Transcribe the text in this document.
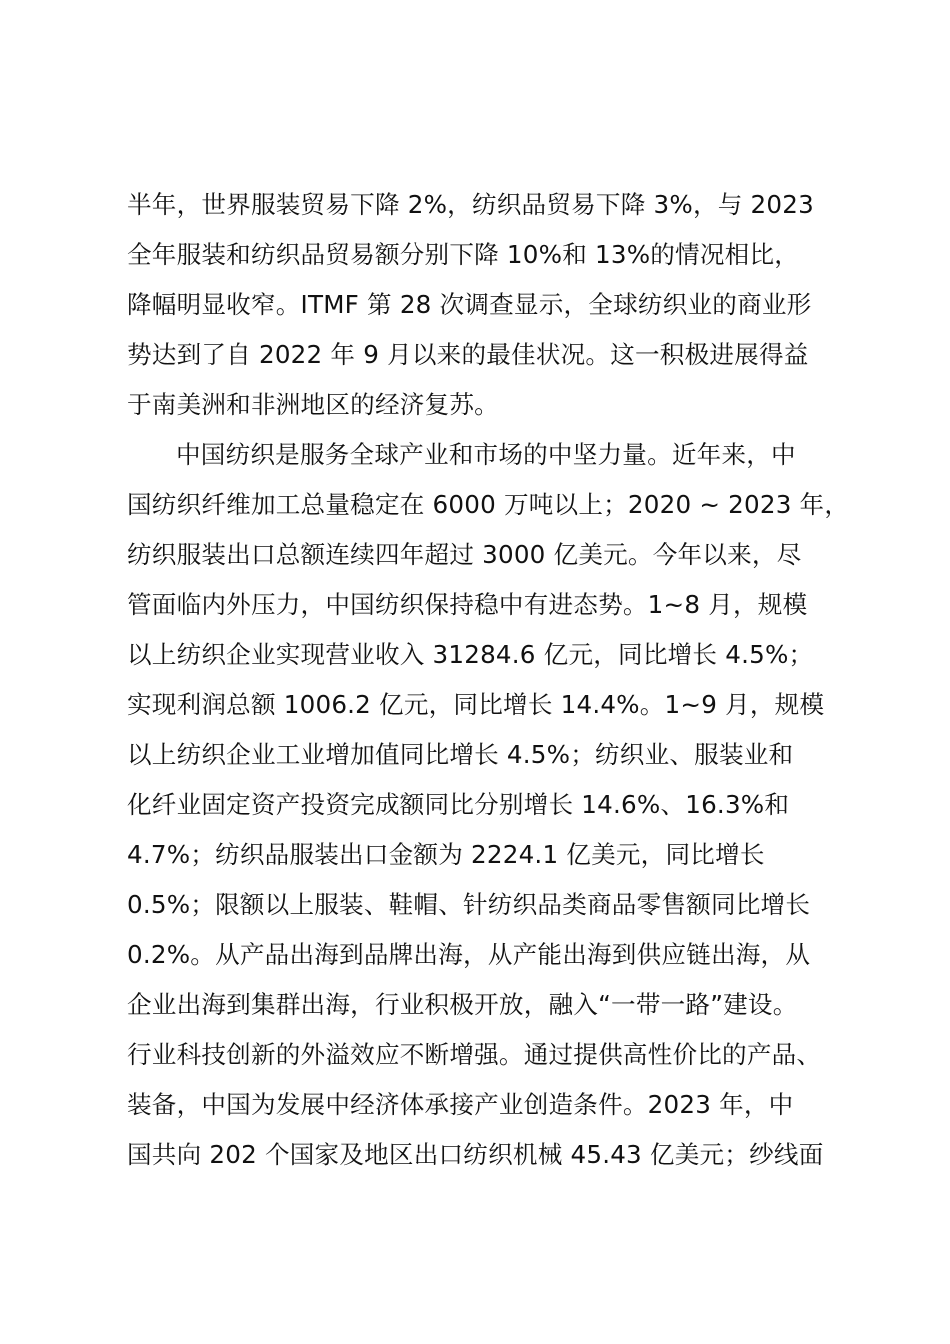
半年，世界服装贸易下降 2%，纺织品贸易下降 3%，与 2023
全年服装和纺织品贸易额分别下降 10%和 13%的情况相比，
降幅明显收窄。ITMF 第 28 次调查显示，全球纺织业的商业形
势达到了自 2022 年 9 月以来的最佳状况。这一积极进展得益
于南美洲和非洲地区的经济复苏。
中国纺织是服务全球产业和市场的中坚力量。近年来，中
国纺织纤维加工总量稳定在 6000 万吨以上；2020 ~ 2023 年，
纺织服装出口总额连续四年超过 3000 亿美元。今年以来，尽
管面临内外压力，中国纺织保持稳中有进态势。1~8 月，规模
以上纺织企业实现营业收入 31284.6 亿元，同比增长 4.5%；
实现利润总额 1006.2 亿元，同比增长 14.4%。1~9 月，规模
以上纺织企业工业增加值同比增长 4.5%；纺织业、服装业和
化纤业固定资产投资完成额同比分别增长 14.6%、16.3%和
4.7%；纺织品服装出口金额为 2224.1 亿美元，同比增长
0.5%；限额以上服装、鞋帽、针纺织品类商品零售额同比增长
0.2%。从产品出海到品牌出海，从产能出海到供应链出海，从
企业出海到集群出海，行业积极开放，融入“一带一路”建设。
行业科技创新的外溢效应不断增强。通过提供高性价比的产品、
装备，中国为发展中经济体承接产业创造条件。2023 年，中
国共向 202 个国家及地区出口纺织机械 45.43 亿美元；纱线面
